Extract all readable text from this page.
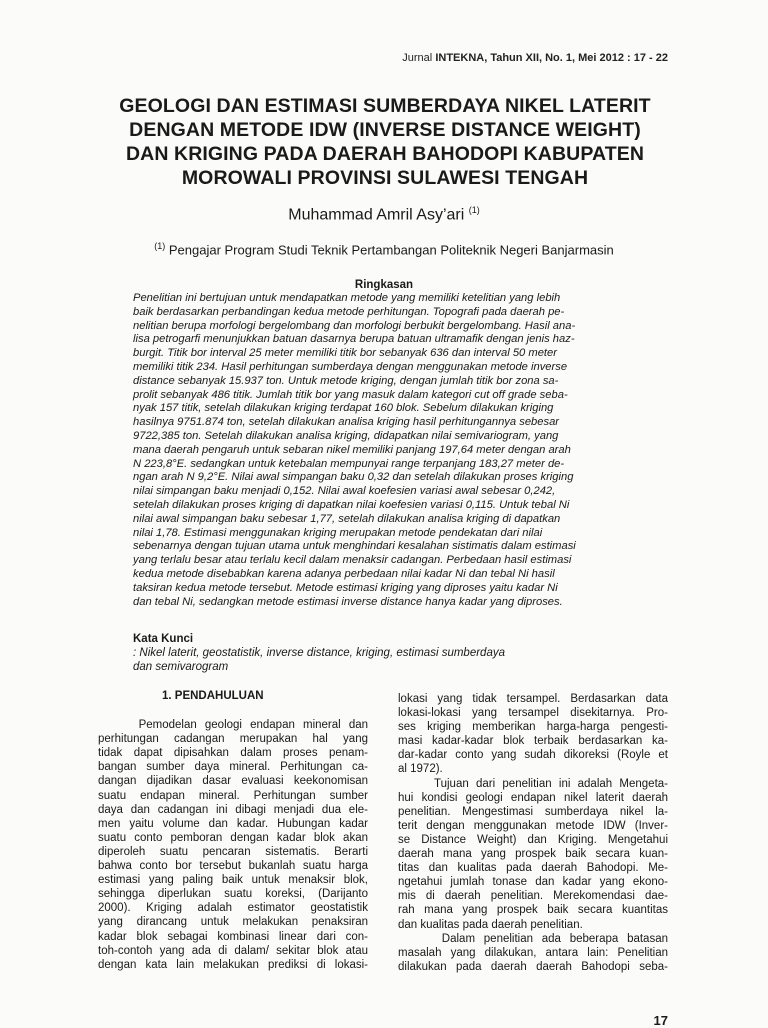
Jurnal INTEKNA, Tahun XII, No. 1, Mei 2012 : 17 - 22
GEOLOGI DAN ESTIMASI SUMBERDAYA NIKEL LATERIT
DENGAN METODE IDW (INVERSE DISTANCE WEIGHT)
DAN KRIGING PADA DAERAH BAHODOPI KABUPATEN
MOROWALI PROVINSI SULAWESI TENGAH
Muhammad Amril Asy’ari $^{(1)}$
$^{(1)}$ Pengajar Program Studi Teknik Pertambangan Politeknik Negeri Banjarmasin
Ringkasan
Penelitian ini bertujuan untuk mendapatkan metode yang memiliki ketelitian yang lebih
baik berdasarkan perbandingan kedua metode perhitungan. Topografi pada daerah pe-
nelitian berupa morfologi bergelombang dan morfologi berbukit bergelombang. Hasil ana-
lisa petrogarfi menunjukkan batuan dasarnya berupa batuan ultramafik dengan jenis haz-
burgit. Titik bor interval 25 meter memiliki titik bor sebanyak 636 dan interval 50 meter
memiliki titik 234. Hasil perhitungan sumberdaya dengan menggunakan metode inverse
distance sebanyak 15.937 ton. Untuk metode kriging, dengan jumlah titik bor zona sa-
prolit sebanyak 486 titik. Jumlah titik bor yang masuk dalam kategori cut off grade seba-
nyak 157 titik, setelah dilakukan kriging terdapat 160 blok. Sebelum dilakukan kriging
hasilnya 9751.874 ton, setelah dilakukan analisa kriging hasil perhitungannya sebesar
9722,385 ton. Setelah dilakukan analisa kriging, didapatkan nilai semivariogram, yang
mana daerah pengaruh untuk sebaran nikel memiliki panjang 197,64 meter dengan arah
N 223,8°E. sedangkan untuk ketebalan mempunyai range terpanjang 183,27 meter de-
ngan arah N 9,2°E. Nilai awal simpangan baku 0,32 dan setelah dilakukan proses kriging
nilai simpangan baku menjadi 0,152. Nilai awal koefesien variasi awal sebesar 0,242,
setelah dilakukan proses kriging di dapatkan nilai koefesien variasi 0,115. Untuk tebal Ni
nilai awal simpangan baku sebesar 1,77, setelah dilakukan analisa kriging di dapatkan
nilai 1,78. Estimasi menggunakan kriging merupakan metode pendekatan dari nilai
sebenarnya dengan tujuan utama untuk menghindari kesalahan sistimatis dalam estimasi
yang terlalu besar atau terlalu kecil dalam menaksir cadangan. Perbedaan hasil estimasi
kedua metode disebabkan karena adanya perbedaan nilai kadar Ni dan tebal Ni hasil
taksiran kedua metode tersebut. Metode estimasi kriging yang diproses yaitu kadar Ni
dan tebal Ni, sedangkan metode estimasi inverse distance hanya kadar yang diproses.
Kata Kunci
: Nikel laterit, geostatistik, inverse distance, kriging, estimasi sumberdaya
dan semivarogram
1. PENDAHULUAN
Pemodelan geologi endapan mineral dan
perhitungan cadangan merupakan hal yang
tidak dapat dipisahkan dalam proses penam-
bangan sumber daya mineral. Perhitungan ca-
dangan dijadikan dasar evaluasi keekonomisan
suatu endapan mineral. Perhitungan sumber
daya dan cadangan ini dibagi menjadi dua ele-
men yaitu volume dan kadar. Hubungan kadar
suatu conto pemboran dengan kadar blok akan
diperoleh suatu pencaran sistematis. Berarti
bahwa conto bor tersebut bukanlah suatu harga
estimasi yang paling baik untuk menaksir blok,
sehingga diperlukan suatu koreksi, (Darijanto
2000). Kriging adalah estimator geostatistik
yang dirancang untuk melakukan penaksiran
kadar blok sebagai kombinasi linear dari con-
toh-contoh yang ada di dalam/ sekitar blok atau
dengan kata lain melakukan prediksi di lokasi-
lokasi yang tidak tersampel. Berdasarkan data
lokasi-lokasi yang tersampel disekitarnya. Pro-
ses kriging memberikan harga-harga pengesti-
masi kadar-kadar blok terbaik berdasarkan ka-
dar-kadar conto yang sudah dikoreksi (Royle et
al 1972).
Tujuan dari penelitian ini adalah Mengeta-
hui kondisi geologi endapan nikel laterit daerah
penelitian. Mengestimasi sumberdaya nikel la-
terit dengan menggunakan metode IDW (Inver-
se Distance Weight) dan Kriging. Mengetahui
daerah mana yang prospek baik secara kuan-
titas dan kualitas pada daerah Bahodopi. Me-
ngetahui jumlah tonase dan kadar yang ekono-
mis di daerah penelitian. Merekomendasi dae-
rah mana yang prospek baik secara kuantitas
dan kualitas pada daerah penelitian.
Dalam penelitian ada beberapa batasan
masalah yang dilakukan, antara lain: Penelitian
dilakukan pada daerah daerah Bahodopi seba-
17
